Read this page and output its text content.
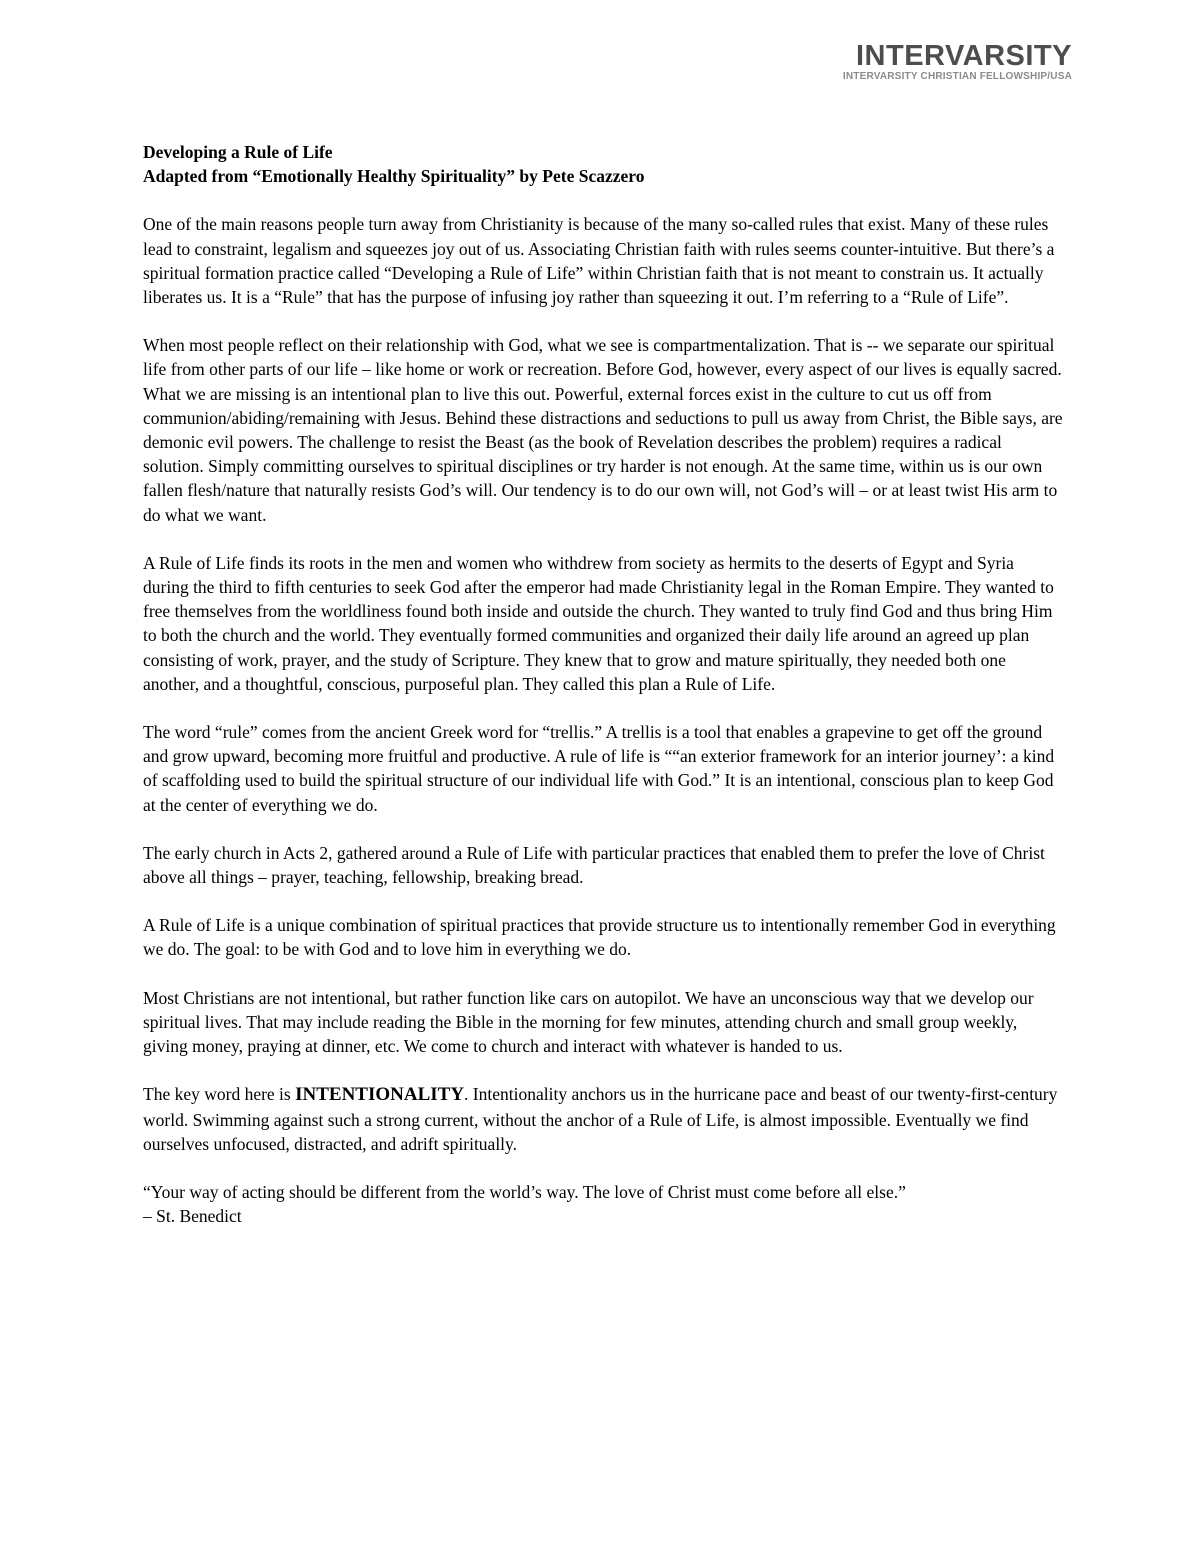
INTERVARSITY
INTERVARSITY CHRISTIAN FELLOWSHIP/USA

Developing a Rule of Life

Adapted from “Emotionally Healthy Spirituality” by Pete Scazzero

One of the main reasons people turn away from Christianity is because of the many so-called rules that exist. Many of these rules lead to constraint, legalism and squeezes joy out of us. Associating Christian faith with rules seems counter-intuitive. But there’s a spiritual formation practice called “Developing a Rule of Life” within Christian faith that is not meant to constrain us. It actually liberates us. It is a “Rule” that has the purpose of infusing joy rather than squeezing it out. I’m referring to a “Rule of Life”.

When most people reflect on their relationship with God, what we see is compartmentalization. That is -- we separate our spiritual life from other parts of our life – like home or work or recreation. Before God, however, every aspect of our lives is equally sacred. What we are missing is an intentional plan to live this out. Powerful, external forces exist in the culture to cut us off from communion/abiding/remaining with Jesus. Behind these distractions and seductions to pull us away from Christ, the Bible says, are demonic evil powers. The challenge to resist the Beast (as the book of Revelation describes the problem) requires a radical solution. Simply committing ourselves to spiritual disciplines or try harder is not enough. At the same time, within us is our own fallen flesh/nature that naturally resists God’s will. Our tendency is to do our own will, not God’s will – or at least twist His arm to do what we want.

A Rule of Life finds its roots in the men and women who withdrew from society as hermits to the deserts of Egypt and Syria during the third to fifth centuries to seek God after the emperor had made Christianity legal in the Roman Empire. They wanted to free themselves from the worldliness found both inside and outside the church. They wanted to truly find God and thus bring Him to both the church and the world. They eventually formed communities and organized their daily life around an agreed up plan consisting of work, prayer, and the study of Scripture. They knew that to grow and mature spiritually, they needed both one another, and a thoughtful, conscious, purposeful plan. They called this plan a Rule of Life.

The word “rule” comes from the ancient Greek word for “trellis.” A trellis is a tool that enables a grapevine to get off the ground and grow upward, becoming more fruitful and productive. A rule of life is ““an exterior framework for an interior journey’: a kind of scaffolding used to build the spiritual structure of our individual life with God.” It is an intentional, conscious plan to keep God at the center of everything we do.

The early church in Acts 2, gathered around a Rule of Life with particular practices that enabled them to prefer the love of Christ above all things – prayer, teaching, fellowship, breaking bread.

A Rule of Life is a unique combination of spiritual practices that provide structure us to intentionally remember God in everything we do. The goal: to be with God and to love him in everything we do.

Most Christians are not intentional, but rather function like cars on autopilot. We have an unconscious way that we develop our spiritual lives. That may include reading the Bible in the morning for few minutes, attending church and small group weekly, giving money, praying at dinner, etc. We come to church and interact with whatever is handed to us.

The key word here is INTENTIONALITY. Intentionality anchors us in the hurricane pace and beast of our twenty-first-century world. Swimming against such a strong current, without the anchor of a Rule of Life, is almost impossible. Eventually we find ourselves unfocused, distracted, and adrift spiritually.

“Your way of acting should be different from the world’s way. The love of Christ must come before all else.”
– St. Benedict
